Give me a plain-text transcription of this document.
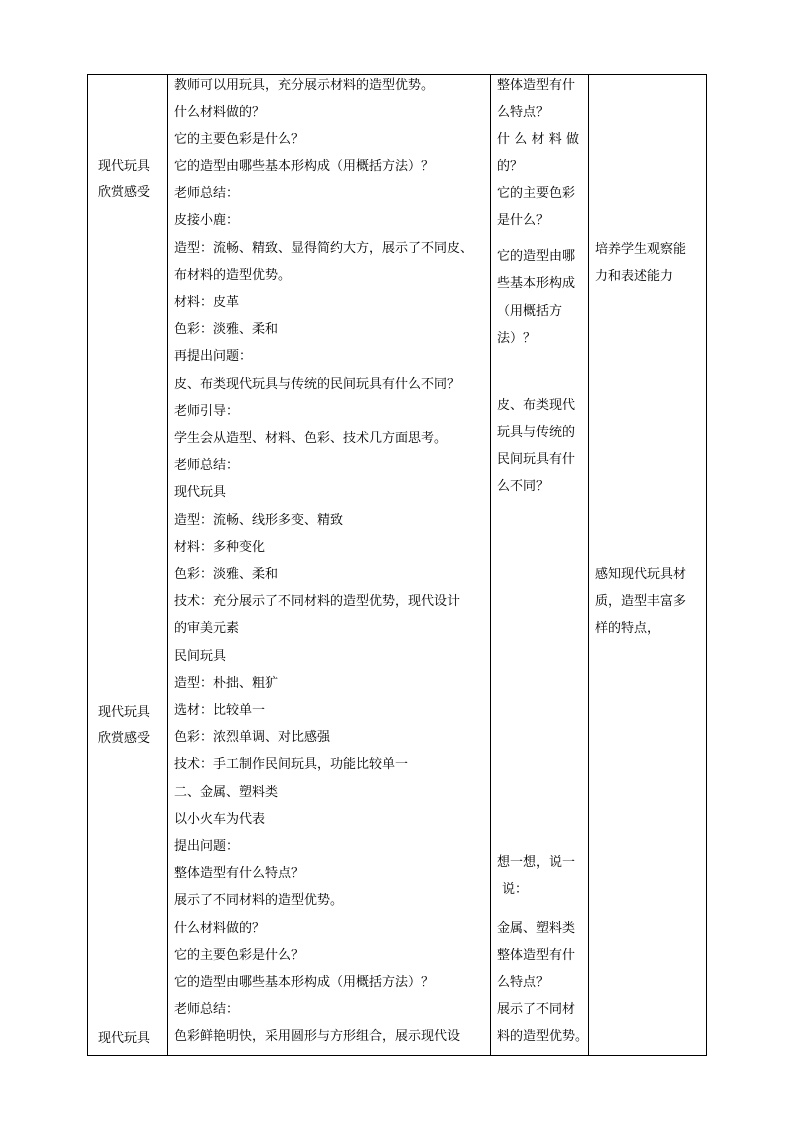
现代玩具
欣赏感受
现代玩具
欣赏感受
现代玩具
教师可以用玩具，充分展示材料的造型优势。
什么材料做的？
它的主要色彩是什么？
它的造型由哪些基本形构成（用概括方法）？
老师总结：
皮接小鹿：
造型：流畅、精致、显得简约大方，展示了不同皮、
布材料的造型优势。
材料：皮革
色彩：淡雅、柔和
再提出问题：
皮、布类现代玩具与传统的民间玩具有什么不同？
老师引导：
学生会从造型、材料、色彩、技术几方面思考。
老师总结：
现代玩具
造型：流畅、线形多变、精致
材料：多种变化
色彩：淡雅、柔和
技术：充分展示了不同材料的造型优势，现代设计
的审美元素
民间玩具
造型：朴拙、粗犷
选材：比较单一
色彩：浓烈单调、对比感强
技术：手工制作民间玩具，功能比较单一
二、金属、塑料类
以小火车为代表
提出问题：
整体造型有什么特点？
展示了不同材料的造型优势。
什么材料做的？
它的主要色彩是什么？
它的造型由哪些基本形构成（用概括方法）？
老师总结：
色彩鲜艳明快，采用圆形与方形组合，展示现代设
整体造型有什
么特点？
什 么 材 料 做
的？
它的主要色彩
是什么？
它的造型由哪
些基本形构成
（用概括方
法）？
皮、布类现代
玩具与传统的
民间玩具有什
么不同？
想一想，说一
说：
金属、塑料类
整体造型有什
么特点？
展示了不同材
料的造型优势。
培养学生观察能
力和表述能力
感知现代玩具材
质，造型丰富多
样的特点，
